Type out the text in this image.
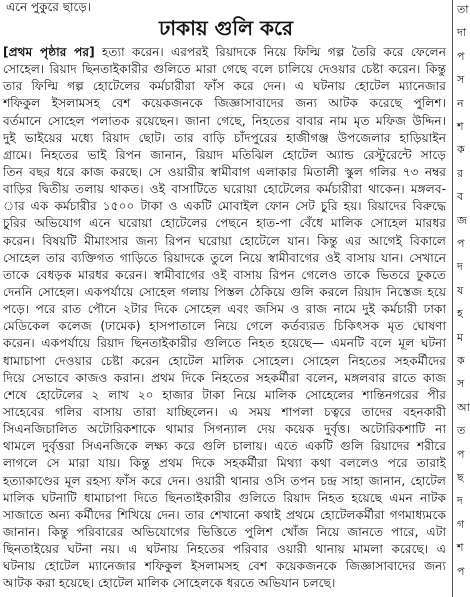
এনে পুকুরে ছাড়ে।
ঢাকায় গুলি করে
[প্রথম পৃষ্ঠার পর] হত্যা করেন। এরপরই রিয়াদকে নিয়ে ফিল্মি গল্প তৈরি করে ফেলেন
সোহেল। রিয়াদ ছিনতাইকারীর গুলিতে মারা গেছে বলে চালিয়ে দেওয়ার চেষ্টা করেন। কিন্তু
তার ফিল্মি গল্প হোটেলের কর্মচারীরা ফাঁস করে দেন। এ ঘটনায় হোটেল ম্যানেজার
শফিকুল ইসলামসহ বেশ কয়েকজনকে জিজ্ঞাসাবাদের জন্য আটক করেছে পুলিশ।
বর্তমানে সোহেল পলাতক রয়েছেন। জানা গেছে, নিহতের বাবার নাম মৃত মফিজ উদ্দিন।
দুই ভাইয়ের মধ্যে রিয়াদ ছোট। তার বাড়ি চাঁদপুরের হাজীগঞ্জ উপজেলার হাড়িয়াইন
গ্রামে। নিহতের ভাই রিপন জানান, রিয়াদ মতিঝিল হোটেল অ্যান্ড রেস্টুরেন্টে সাড়ে
তিন বছর ধরে কাজ করছে। সে ওয়ারীর স্বামীবাগ এলাকার মিতালী স্কুল গলির ৭৩ নম্বর
বাড়ির দ্বিতীয় তলায় থাকত। ওই বাসাটিতে ঘরোয়া হোটেলের কর্মচারীরা থাকেন। মঙ্গলব-
ার এক কর্মচারীর ১৫০০ টাকা ও একটি মোবাইল ফোন সেট চুরি হয়। রিয়াদের বিরুদ্ধে
চুরির অভিযোগ এনে ঘরোয়া হোটেলের পেছনে হাত-পা বেঁধে মালিক সোহেল মারধর
করেন। বিষয়টি মীমাংসার জন্য রিপন ঘরোয়া হোটেলে যান। কিন্তু এর আগেই বিকালে
সোহেল তার ব্যক্তিগত গাড়িতে রিয়াদকে তুলে নিয়ে স্বামীবাগের ওই বাসায় যান। সেখানে
তাকে বেধড়ক মারধর করেন। স্বামীবাগের ওই বাসায় রিপন গেলেও তাকে ভিতরে ঢুকতে
দেননি সোহেল। একপর্যায়ে সোহেল গলায় পিস্তল ঠেকিয়ে গুলি করলে রিয়াদ নিস্তেজ হয়ে
পড়ে। পরে রাত পৌনে ২টার দিকে সোহেল এবং জসিম ও রাজ নামে দুই কর্মচারী ঢাকা
মেডিকেল কলেজ (ঢামেক) হাসপাতালে নিয়ে গেলে কর্তব্যরত চিকিৎসক মৃত ঘোষণা
করেন। একপর্যায়ে রিয়াদ ছিনতাইকারীর গুলিতে নিহত হয়েছে— এমনটি বলে মূল ঘটনা
ধামাচাপা দেওয়ার চেষ্টা করেন হোটেল মালিক সোহেল। সোহেল নিহতের সহকর্মীদের
দিয়ে সেভাবে কাজও করান। প্রথম দিকে নিহতের সহকর্মীরা বলেন, মঙ্গলবার রাতে কাজ
শেষে হোটেলের ২ লাখ ২০ হাজার টাকা নিয়ে মালিক সোহেলের শান্তিনগরের পীর
সাহেবের গলির বাসায় তারা যাচ্ছিলেন। এ সময় শাপলা চত্বরে তাদের বহনকারী
সিএনজিচালিত অটোরিকশাকে থামার সিগন্যাল দেয় কয়েক দুর্বৃত্ত। অটোরিকশাটি না
থামলে দুর্বৃত্তরা সিএনজিকে লক্ষ্য করে গুলি চালায়। এতে একটি গুলি রিয়াদের শরীরে
লাগলে সে মারা যায়। কিন্তু প্রথম দিকে সহকর্মীরা মিথ্যা কথা বললেও পরে তারাই
হত্যাকাণ্ডের মূল রহস্য ফাঁস করে দেন। ওয়ারী থানার ওসি তপন চন্দ্র সাহা জানান, হোটেল
মালিক ঘটনাটি ধামাচাপা দিতে ছিনতাইকারীর গুলিতে রিয়াদ নিহত হয়েছে এমন নাটক
সাজাতে অন্য কর্মীদের শিখিয়ে দেন। তার শেখানো কথাই প্রথমে হোটেলকর্মীরা গণমাধ্যমকে
জানান। কিন্তু পরিবারের অভিযোগের ভিত্তিতে পুলিশ খোঁজ নিয়ে জানতে পারে, এটা
ছিনতাইয়ের ঘটনা নয়। এ ঘটনায় নিহতের পরিবার ওয়ারী থানায় মামলা করেছে। এ
ঘটনায় হোটেল ম্যানেজার শফিকুল ইসলামসহ বেশ কয়েকজনকে জিজ্ঞাসাবাদের জন্য
আটক করা হয়েছে। হোটেল মালিক সোহেলকে ধরতে অভিযান চলছে।
তা
দা
প
স
ন
শ
ক
র
ব
জ
প
দ
য
হ
ম
ক
স
আ
ত
প
ছ
দ
গ
শ
প
